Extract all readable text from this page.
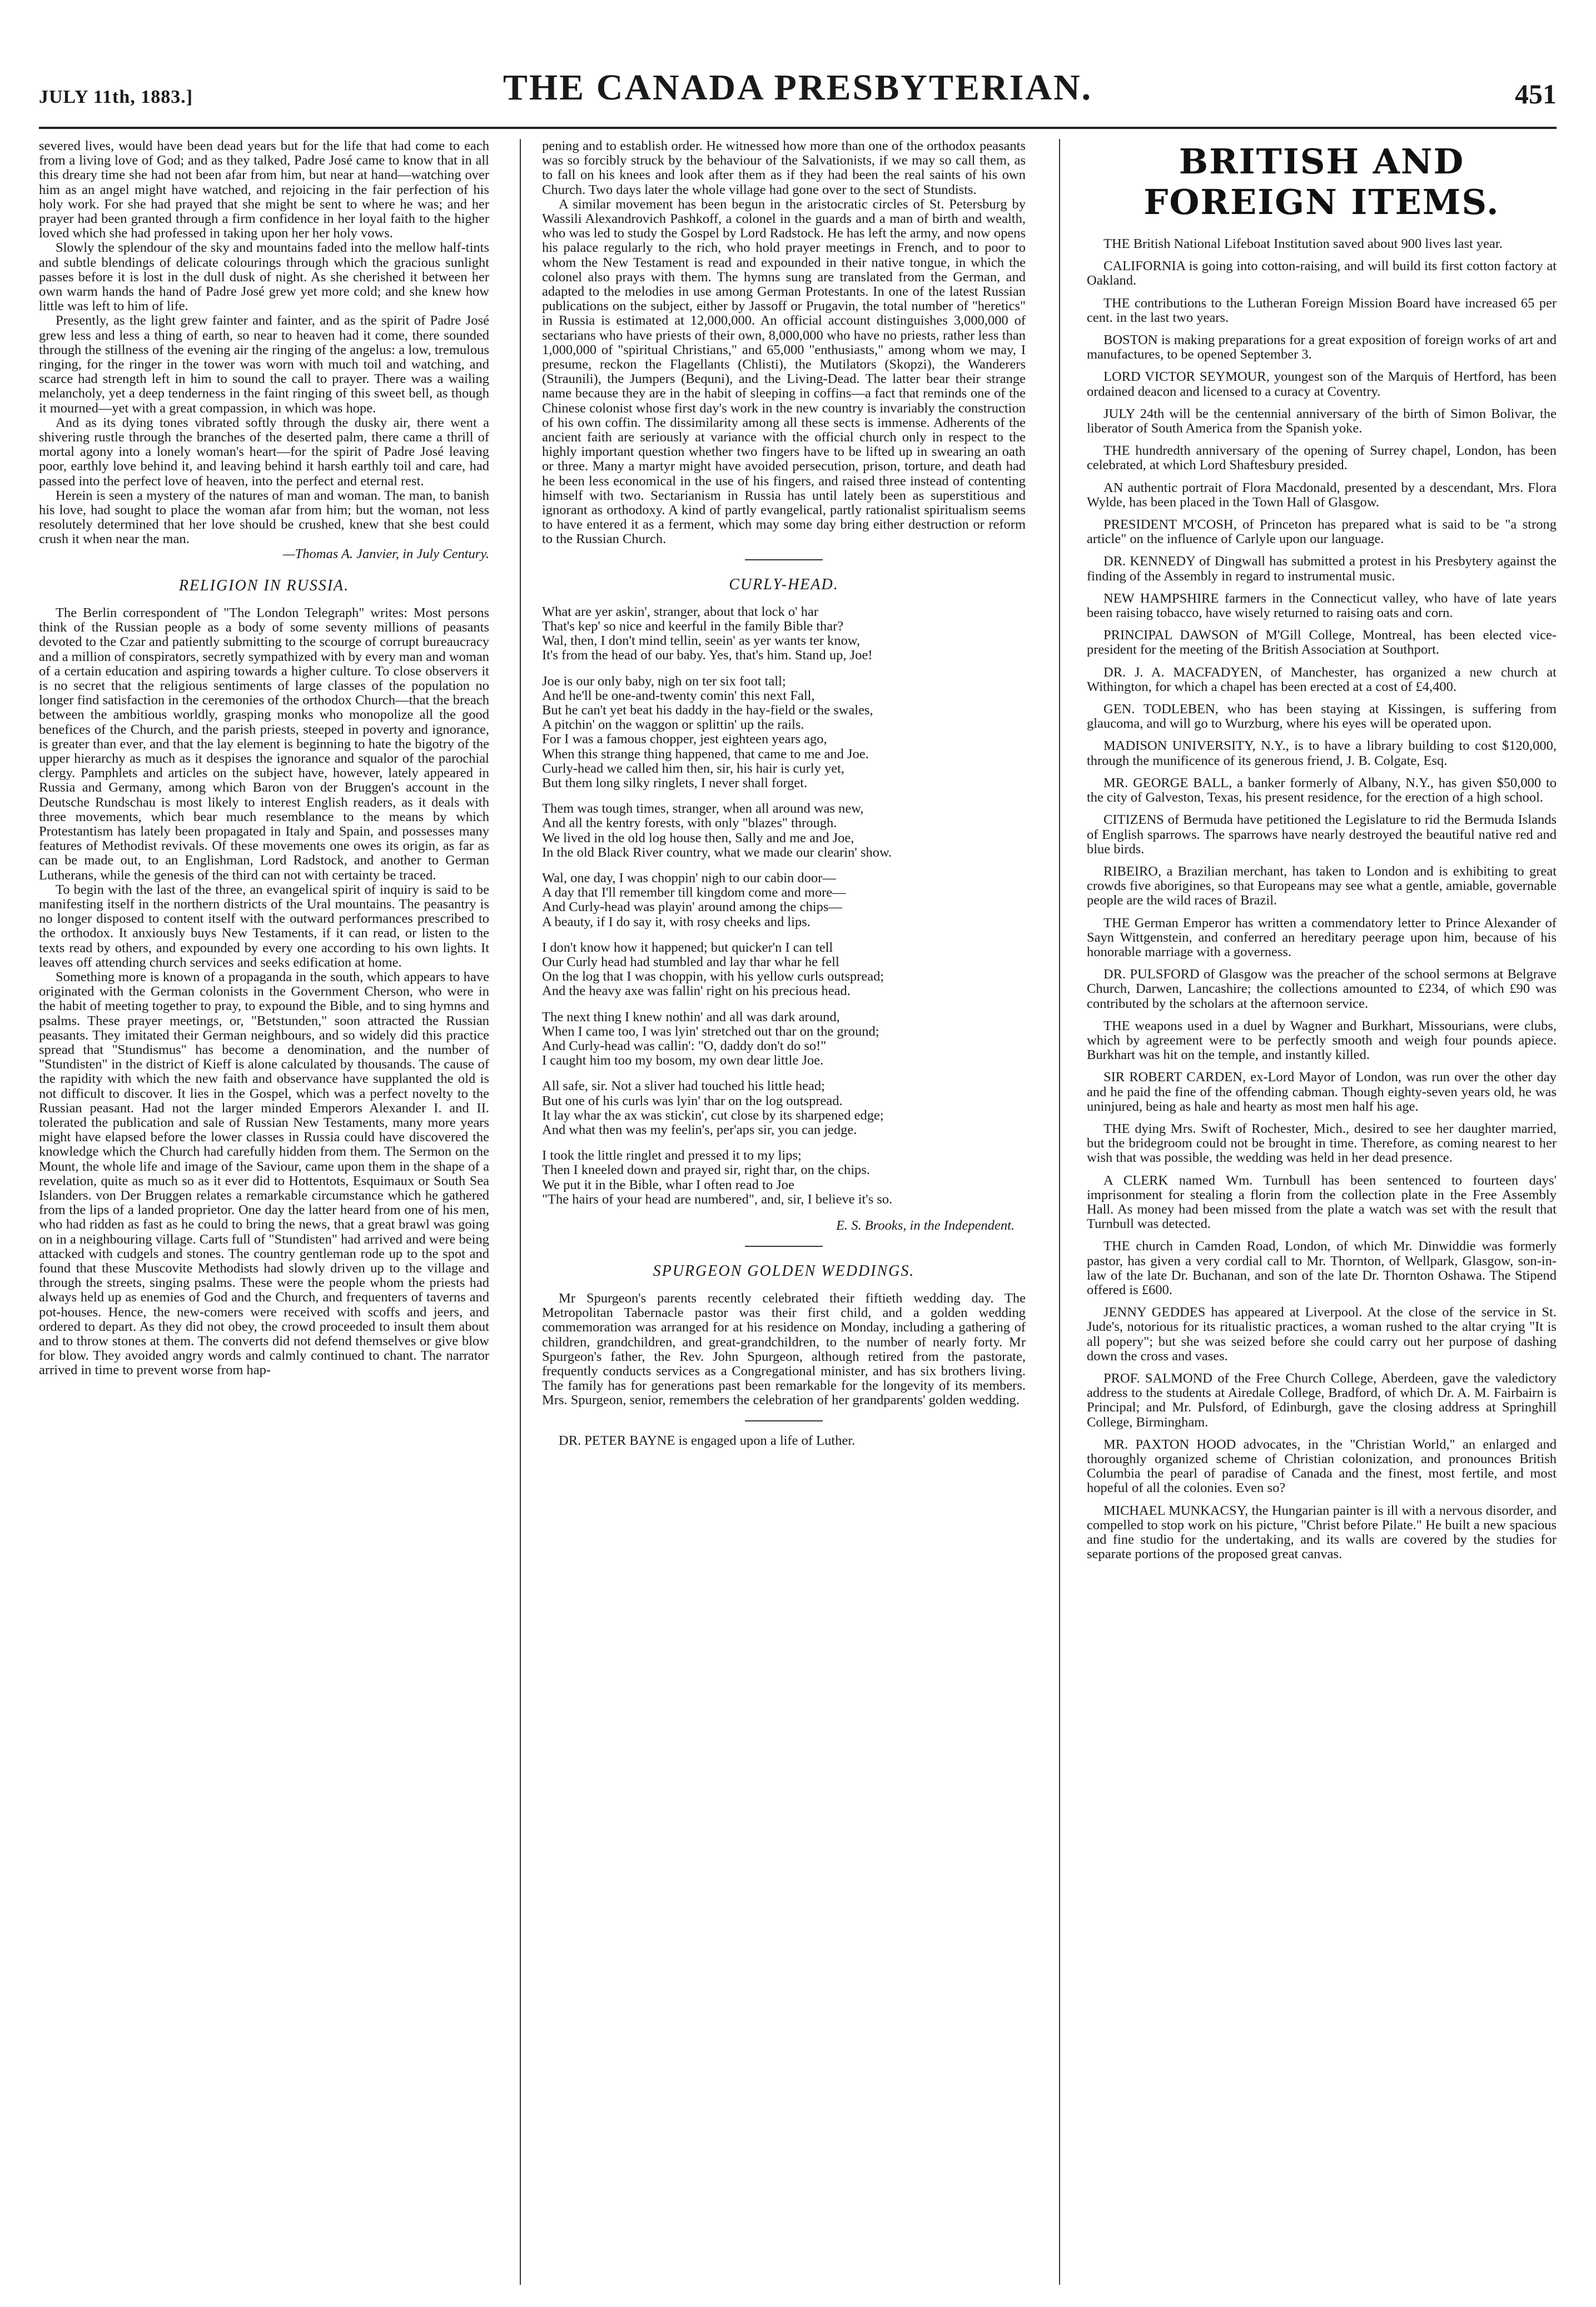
JULY 11th, 1883.]	THE CANADA PRESBYTERIAN.	451

severed lives, would have been dead years but for the life that had come to each from a living love of God; and as they talked, Padre José came to know that in all this dreary time she had not been afar from him, but near at hand—watching over him as an angel might have watched, and rejoicing in the fair perfection of his holy work. For she had prayed that she might be sent to where he was; and her prayer had been granted through a firm confidence in her loyal faith to the higher loved which she had professed in taking upon her her holy vows.

Slowly the splendour of the sky and mountains faded into the mellow half-tints and subtle blendings of delicate colourings through which the gracious sunlight passes before it is lost in the dull dusk of night. As she cherished it between her own warm hands the hand of Padre José grew yet more cold; and she knew how little was left to him of life.

Presently, as the light grew fainter and fainter, and as the spirit of Padre José grew less and less a thing of earth, so near to heaven had it come, there sounded through the stillness of the evening air the ringing of the angelus: a low, tremulous ringing, for the ringer in the tower was worn with much toil and watching, and scarce had strength left in him to sound the call to prayer. There was a wailing melancholy, yet a deep tenderness in the faint ringing of this sweet bell, as though it mourned—yet with a great compassion, in which was hope.

And as its dying tones vibrated softly through the dusky air, there went a shivering rustle through the branches of the deserted palm, there came a thrill of mortal agony into a lonely woman's heart—for the spirit of Padre José leaving poor, earthly love behind it, and leaving behind it harsh earthly toil and care, had passed into the perfect love of heaven, into the perfect and eternal rest.

Herein is seen a mystery of the natures of man and woman. The man, to banish his love, had sought to place the woman afar from him; but the woman, not less resolutely determined that her love should be crushed, knew that she best could crush it when near the man.

—Thomas A. Janvier, in July Century.

RELIGION IN RUSSIA.

The Berlin correspondent of "The London Telegraph" writes: Most persons think of the Russian people as a body of some seventy millions of peasants devoted to the Czar and patiently submitting to the scourge of corrupt bureaucracy and a million of conspirators, secretly sympathized with by every man and woman of a certain education and aspiring towards a higher culture. To close observers it is no secret that the religious sentiments of large classes of the population no longer find satisfaction in the ceremonies of the orthodox Church—that the breach between the ambitious worldly, grasping monks who monopolize all the good benefices of the Church, and the parish priests, steeped in poverty and ignorance, is greater than ever, and that the lay element is beginning to hate the bigotry of the upper hierarchy as much as it despises the ignorance and squalor of the parochial clergy. Pamphlets and articles on the subject have, however, lately appeared in Russia and Germany, among which Baron von der Bruggen's account in the Deutsche Rundschau is most likely to interest English readers, as it deals with three movements, which bear much resemblance to the means by which Protestantism has lately been propagated in Italy and Spain, and possesses many features of Methodist revivals. Of these movements one owes its origin, as far as can be made out, to an Englishman, Lord Radstock, and another to German Lutherans, while the genesis of the third can not with certainty be traced.

To begin with the last of the three, an evangelical spirit of inquiry is said to be manifesting itself in the northern districts of the Ural mountains. The peasantry is no longer disposed to content itself with the outward performances prescribed to the orthodox. It anxiously buys New Testaments, if it can read, or listen to the texts read by others, and expounded by every one according to his own lights. It leaves off attending church services and seeks edification at home.

Something more is known of a propaganda in the south, which appears to have originated with the German colonists in the Government Cherson, who were in the habit of meeting together to pray, to expound the Bible, and to sing hymns and psalms. These prayer meetings, or, "Betstunden," soon attracted the Russian peasants. They imitated their German neighbours, and so widely did this practice spread that "Stundismus" has become a denomination, and the number of "Stundisten" in the district of Kieff is alone calculated by thousands. The cause of the rapidity with which the new faith and observance have supplanted the old is not difficult to discover. It lies in the Gospel, which was a perfect novelty to the Russian peasant. Had not the larger minded Emperors Alexander I. and II. tolerated the publication and sale of Russian New Testaments, many more years might have elapsed before the lower classes in Russia could have discovered the knowledge which the Church had carefully hidden from them. The Sermon on the Mount, the whole life and image of the Saviour, came upon them in the shape of a revelation, quite as much so as it ever did to Hottentots, Esquimaux or South Sea Islanders. von Der Bruggen relates a remarkable circumstance which he gathered from the lips of a landed proprietor. One day the latter heard from one of his men, who had ridden as fast as he could to bring the news, that a great brawl was going on in a neighbouring village. Carts full of "Stundisten" had arrived and were being attacked with cudgels and stones. The country gentleman rode up to the spot and found that these Muscovite Methodists had slowly driven up to the village and through the streets, singing psalms. These were the people whom the priests had always held up as enemies of God and the Church, and frequenters of taverns and pot-houses. Hence, the new-comers were received with scoffs and jeers, and ordered to depart. As they did not obey, the crowd proceeded to insult them about and to throw stones at them. The converts did not defend themselves or give blow for blow. They avoided angry words and calmly continued to chant. The narrator arrived in time to prevent worse from hap-

pening and to establish order. He witnessed how more than one of the orthodox peasants was so forcibly struck by the behaviour of the Salvationists, if we may so call them, as to fall on his knees and look after them as if they had been the real saints of his own Church. Two days later the whole village had gone over to the sect of Stundists.

A similar movement has been begun in the aristocratic circles of St. Petersburg by Wassili Alexandrovich Pashkoff, a colonel in the guards and a man of birth and wealth, who was led to study the Gospel by Lord Radstock. He has left the army, and now opens his palace regularly to the rich, who hold prayer meetings in French, and to poor to whom the New Testament is read and expounded in their native tongue, in which the colonel also prays with them. The hymns sung are translated from the German, and adapted to the melodies in use among German Protestants. In one of the latest Russian publications on the subject, either by Jassoff or Prugavin, the total number of "heretics" in Russia is estimated at 12,000,000. An official account distinguishes 3,000,000 of sectarians who have priests of their own, 8,000,000 who have no priests, rather less than 1,000,000 of "spiritual Christians," and 65,000 "enthusiasts," among whom we may, I presume, reckon the Flagellants (Chlisti), the Mutilators (Skopzi), the Wanderers (Straunili), the Jumpers (Bequni), and the Living-Dead. The latter bear their strange name because they are in the habit of sleeping in coffins—a fact that reminds one of the Chinese colonist whose first day's work in the new country is invariably the construction of his own coffin. The dissimilarity among all these sects is immense. Adherents of the ancient faith are seriously at variance with the official church only in respect to the highly important question whether two fingers have to be lifted up in swearing an oath or three. Many a martyr might have avoided persecution, prison, torture, and death had he been less economical in the use of his fingers, and raised three instead of contenting himself with two. Sectarianism in Russia has until lately been as superstitious and ignorant as orthodoxy. A kind of partly evangelical, partly rationalist spiritualism seems to have entered it as a ferment, which may some day bring either destruction or reform to the Russian Church.

CURLY-HEAD.
What are yer askin', stranger, about that lock o' har
That's kep' so nice and keerful in the family Bible thar?
Wal, then, I don't mind tellin, seein' as yer wants ter know,
It's from the head of our baby. Yes, that's him. Stand up, Joe!
Joe is our only baby, nigh on ter six foot tall;
And he'll be one-and-twenty comin' this next Fall,
But he can't yet beat his daddy in the hay-field or the swales,
A pitchin' on the waggon or splittin' up the rails.
For I was a famous chopper, jest eighteen years ago,
When this strange thing happened, that came to me and Joe.
Curly-head we called him then, sir, his hair is curly yet,
But them long silky ringlets, I never shall forget.
Them was tough times, stranger, when all around was new,
And all the kentry forests, with only "blazes" through.
We lived in the old log house then, Sally and me and Joe,
In the old Black River country, what we made our clearin' show.
Wal, one day, I was choppin' nigh to our cabin door—
A day that I'll remember till kingdom come and more—
And Curly-head was playin' around among the chips—
A beauty, if I do say it, with rosy cheeks and lips.
I don't know how it happened; but quicker'n I can tell
Our Curly head had stumbled and lay thar whar he fell
On the log that I was choppin, with his yellow curls outspread;
And the heavy axe was fallin' right on his precious head.
The next thing I knew nothin' and all was dark around,
When I came too, I was lyin' stretched out thar on the ground;
And Curly-head was callin': "O, daddy don't do so!"
I caught him too my bosom, my own dear little Joe.
All safe, sir. Not a sliver had touched his little head;
But one of his curls was lyin' thar on the log outspread.
It lay whar the ax was stickin', cut close by its sharpened edge;
And what then was my feelin's, per'aps sir, you can jedge.
I took the little ringlet and pressed it to my lips;
Then I kneeled down and prayed sir, right thar, on the chips.
We put it in the Bible, whar I often read to Joe
"The hairs of your head are numbered", and, sir, I believe it's so.
E. S. Brooks, in the Independent.
SPURGEON GOLDEN WEDDINGS.

Mr Spurgeon's parents recently celebrated their fiftieth wedding day. The Metropolitan Tabernacle pastor was their first child, and a golden wedding commemoration was arranged for at his residence on Monday, including a gathering of children, grandchildren, and great-grandchildren, to the number of nearly forty. Mr Spurgeon's father, the Rev. John Spurgeon, although retired from the pastorate, frequently conducts services as a Congregational minister, and has six brothers living. The family has for generations past been remarkable for the longevity of its members. Mrs. Spurgeon, senior, remembers the celebration of her grandparents' golden wedding.

DR. PETER BAYNE is engaged upon a life of Luther.

BRITISH AND FOREIGN ITEMS.

THE British National Lifeboat Institution saved about 900 lives last year.

CALIFORNIA is going into cotton-raising, and will build its first cotton factory at Oakland.

THE contributions to the Lutheran Foreign Mission Board have increased 65 per cent. in the last two years.

BOSTON is making preparations for a great exposition of foreign works of art and manufactures, to be opened September 3.

LORD VICTOR SEYMOUR, youngest son of the Marquis of Hertford, has been ordained deacon and licensed to a curacy at Coventry.

JULY 24th will be the centennial anniversary of the birth of Simon Bolivar, the liberator of South America from the Spanish yoke.

THE hundredth anniversary of the opening of Surrey chapel, London, has been celebrated, at which Lord Shaftesbury presided.

AN authentic portrait of Flora Macdonald, presented by a descendant, Mrs. Flora Wylde, has been placed in the Town Hall of Glasgow.

PRESIDENT M'COSH, of Princeton has prepared what is said to be "a strong article" on the influence of Carlyle upon our language.

DR. KENNEDY of Dingwall has submitted a protest in his Presbytery against the finding of the Assembly in regard to instrumental music.

NEW HAMPSHIRE farmers in the Connecticut valley, who have of late years been raising tobacco, have wisely returned to raising oats and corn.

PRINCIPAL DAWSON of M'Gill College, Montreal, has been elected vice-president for the meeting of the British Association at Southport.

DR. J. A. MACFADYEN, of Manchester, has organized a new church at Withington, for which a chapel has been erected at a cost of £4,400.

GEN. TODLEBEN, who has been staying at Kissingen, is suffering from glaucoma, and will go to Wurzburg, where his eyes will be operated upon.

MADISON UNIVERSITY, N.Y., is to have a library building to cost $120,000, through the munificence of its generous friend, J. B. Colgate, Esq.

MR. GEORGE BALL, a banker formerly of Albany, N.Y., has given $50,000 to the city of Galveston, Texas, his present residence, for the erection of a high school.

CITIZENS of Bermuda have petitioned the Legislature to rid the Bermuda Islands of English sparrows. The sparrows have nearly destroyed the beautiful native red and blue birds.

RIBEIRO, a Brazilian merchant, has taken to London and is exhibiting to great crowds five aborigines, so that Europeans may see what a gentle, amiable, governable people are the wild races of Brazil.

THE German Emperor has written a commendatory letter to Prince Alexander of Sayn Wittgenstein, and conferred an hereditary peerage upon him, because of his honorable marriage with a governess.

DR. PULSFORD of Glasgow was the preacher of the school sermons at Belgrave Church, Darwen, Lancashire; the collections amounted to £234, of which £90 was contributed by the scholars at the afternoon service.

THE weapons used in a duel by Wagner and Burkhart, Missourians, were clubs, which by agreement were to be perfectly smooth and weigh four pounds apiece. Burkhart was hit on the temple, and instantly killed.

SIR ROBERT CARDEN, ex-Lord Mayor of London, was run over the other day and he paid the fine of the offending cabman. Though eighty-seven years old, he was uninjured, being as hale and hearty as most men half his age.

THE dying Mrs. Swift of Rochester, Mich., desired to see her daughter married, but the bridegroom could not be brought in time. Therefore, as coming nearest to her wish that was possible, the wedding was held in her dead presence.

A CLERK named Wm. Turnbull has been sentenced to fourteen days' imprisonment for stealing a florin from the collection plate in the Free Assembly Hall. As money had been missed from the plate a watch was set with the result that Turnbull was detected.

THE church in Camden Road, London, of which Mr. Dinwiddie was formerly pastor, has given a very cordial call to Mr. Thornton, of Wellpark, Glasgow, son-in-law of the late Dr. Buchanan, and son of the late Dr. Thornton Oshawa. The Stipend offered is £600.

JENNY GEDDES has appeared at Liverpool. At the close of the service in St. Jude's, notorious for its ritualistic practices, a woman rushed to the altar crying "It is all popery"; but she was seized before she could carry out her purpose of dashing down the cross and vases.

PROF. SALMOND of the Free Church College, Aberdeen, gave the valedictory address to the students at Airedale College, Bradford, of which Dr. A. M. Fairbairn is Principal; and Mr. Pulsford, of Edinburgh, gave the closing address at Springhill College, Birmingham.

MR. PAXTON HOOD advocates, in the "Christian World," an enlarged and thoroughly organized scheme of Christian colonization, and pronounces British Columbia the pearl of paradise of Canada and the finest, most fertile, and most hopeful of all the colonies. Even so?

MICHAEL MUNKACSY, the Hungarian painter is ill with a nervous disorder, and compelled to stop work on his picture, "Christ before Pilate." He built a new spacious and fine studio for the undertaking, and its walls are covered by the studies for separate portions of the proposed great canvas.
